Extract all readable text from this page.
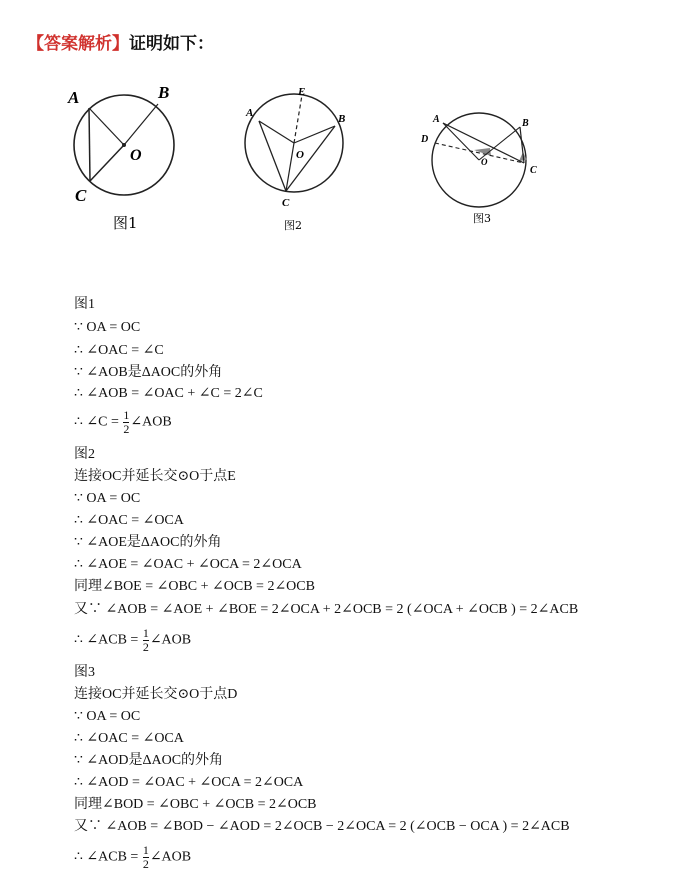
【答案解析】证明如下：
A	B
C
O
图1
A	B
C
E
O
图2
A	B
C
D
O
图3
图1
∵ OA = OC
∴ ∠OAC = ∠C
∵ ∠AOB是ΔAOC的外角
∴ ∠AOB = ∠OAC + ∠C = 2∠C
∴ ∠C = $\frac{1}{2}$ ∠AOB
图2
连接OC并延长交⊙O于点E
∵ OA = OC
∴ ∠OAC = ∠OCA
∵ ∠AOE是ΔAOC的外角
∴ ∠AOE = ∠OAC + ∠OCA = 2∠OCA
同理∠BOE = ∠OBC + ∠OCB = 2∠OCB
又∵ ∠AOB = ∠AOE + ∠BOE = 2∠OCA + 2∠OCB = 2 (∠OCA + ∠OCB ) = 2∠ACB
∴ ∠ACB = $\frac{1}{2}$ ∠AOB
图3
连接OC并延长交⊙O于点D
∵ OA = OC
∴ ∠OAC = ∠OCA
∵ ∠AOD是ΔAOC的外角
∴ ∠AOD = ∠OAC + ∠OCA = 2∠OCA
同理∠BOD = ∠OBC + ∠OCB = 2∠OCB
又∵ ∠AOB = ∠BOD − ∠AOD = 2∠OCB − 2∠OCA = 2 (∠OCB − OCA ) = 2∠ACB
∴ ∠ACB = $\frac{1}{2}$ ∠AOB
